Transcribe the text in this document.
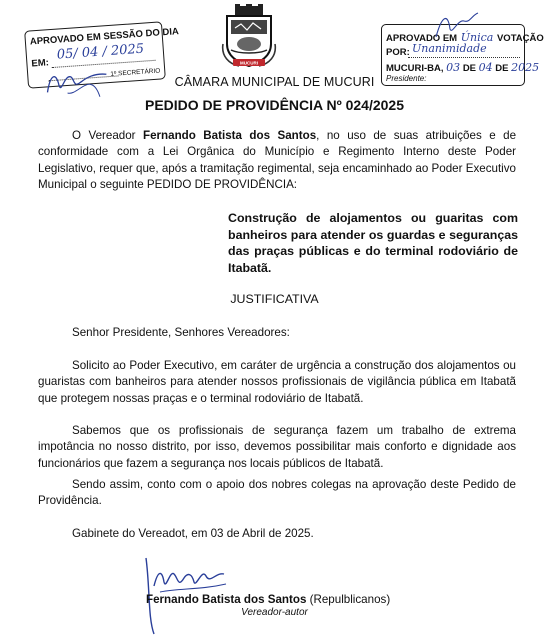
APROVADO EM SESSÃO DO DIA
EM:
05/ 04 / 2025
1º SECRETÁRIO
APROVADO EM Única VOTAÇÃO
POR: Unanimidade
MUCURI-BA, 03 DE 04 DE 2025
Presidente:
MUCURI
CÂMARA MUNICIPAL DE MUCURI
PEDIDO DE PROVIDÊNCIA Nº 024/2025

O Vereador Fernando Batista dos Santos, no uso de suas atribuições e de conformidade com a Lei Orgânica do Município e Regimento Interno deste Poder Legislativo, requer que, após a tramitação regimental, seja encaminhado ao Poder Executivo Municipal o seguinte PEDIDO DE PROVIDÊNCIA:

Construção de alojamentos ou guaritas com banheiros para atender os guardas e seguranças das praças públicas e do terminal rodoviário de Itabatã.

JUSTIFICATIVA

Senhor Presidente, Senhores Vereadores:

Solicito ao Poder Executivo, em caráter de urgência a construção dos alojamentos ou guaristas com banheiros para atender nossos profissionais de vigilância pública em Itabatã que protegem nossas praças e o terminal rodoviário de Itabatã.

Sabemos que os profissionais de segurança fazem um trabalho de extrema impotância no nosso distrito, por isso, devemos possibilitar mais conforto e dignidade aos funcionários que fazem a segurança nos locais públicos de Itabatã.

Sendo assim, conto com o apoio dos nobres colegas na aprovação deste Pedido de Providência.

Gabinete do Vereadot, em 03 de Abril de 2025.

Fernando Batista dos Santos (Repulblicanos)
Vereador-autor
